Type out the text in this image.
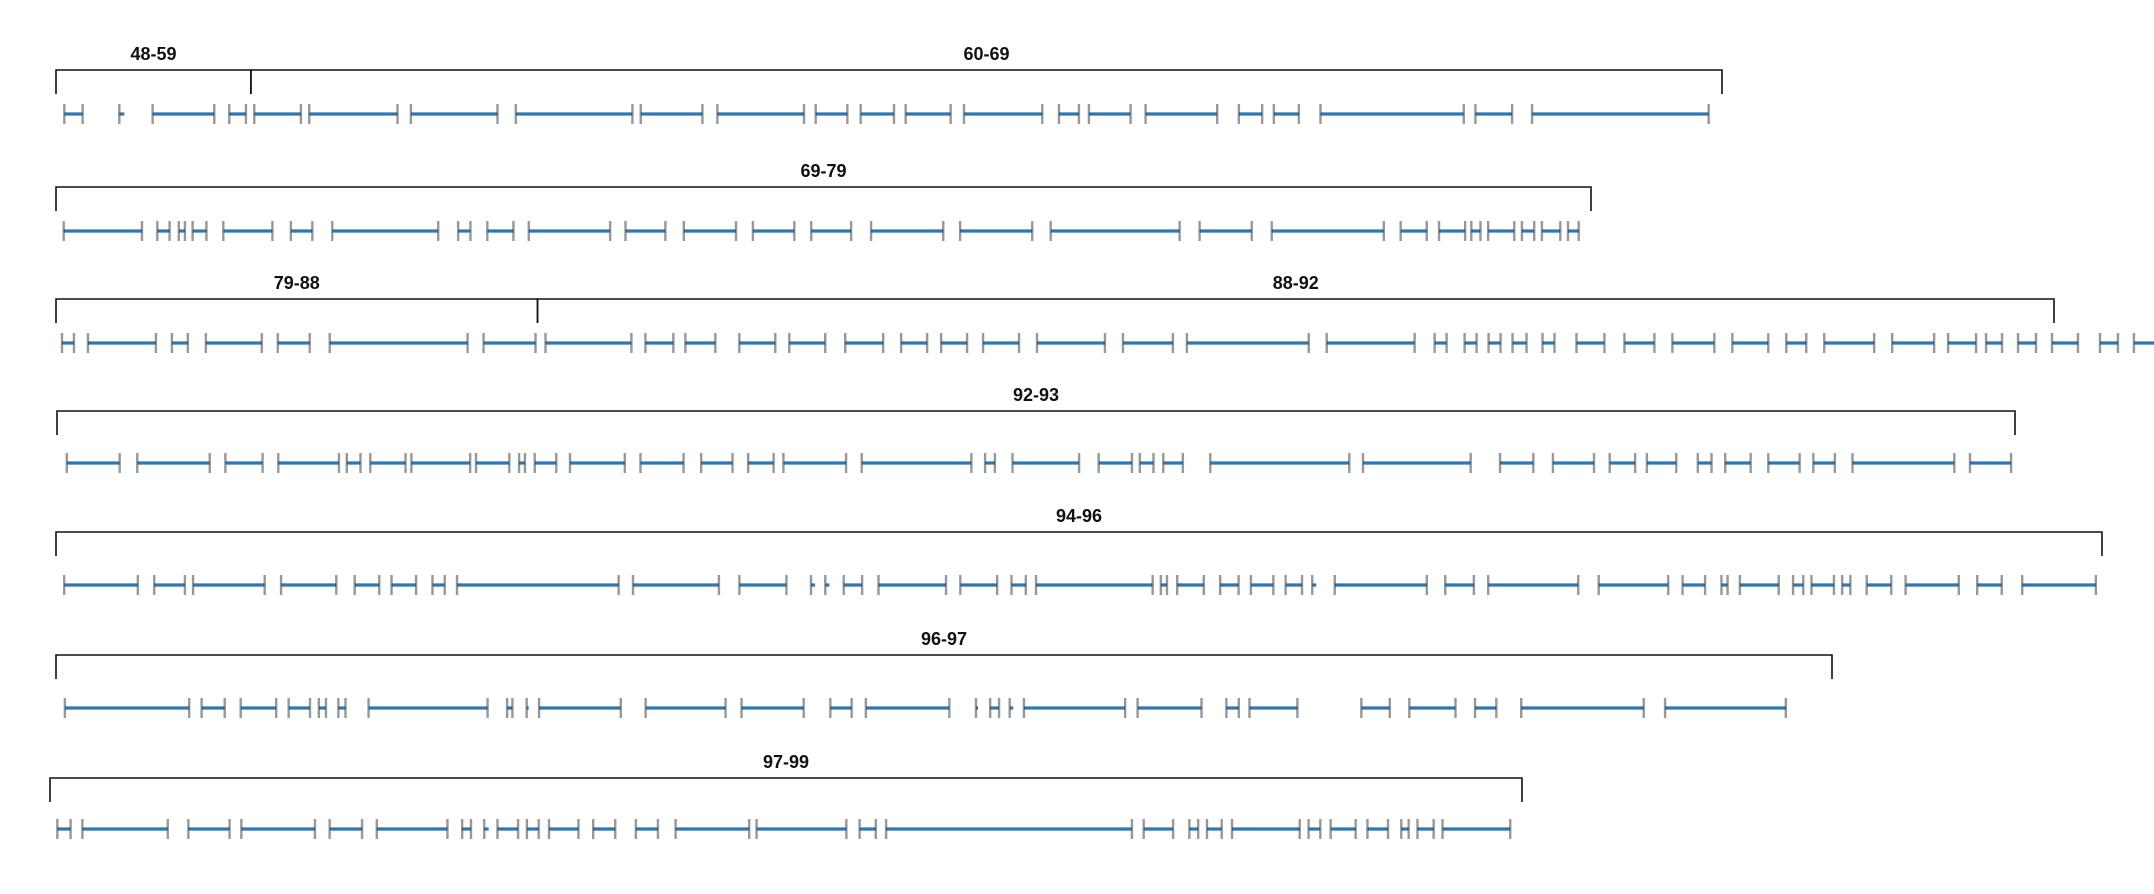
48-59	60-69
69-79
79-88	88-92
92-93
94-96
96-97
97-99
